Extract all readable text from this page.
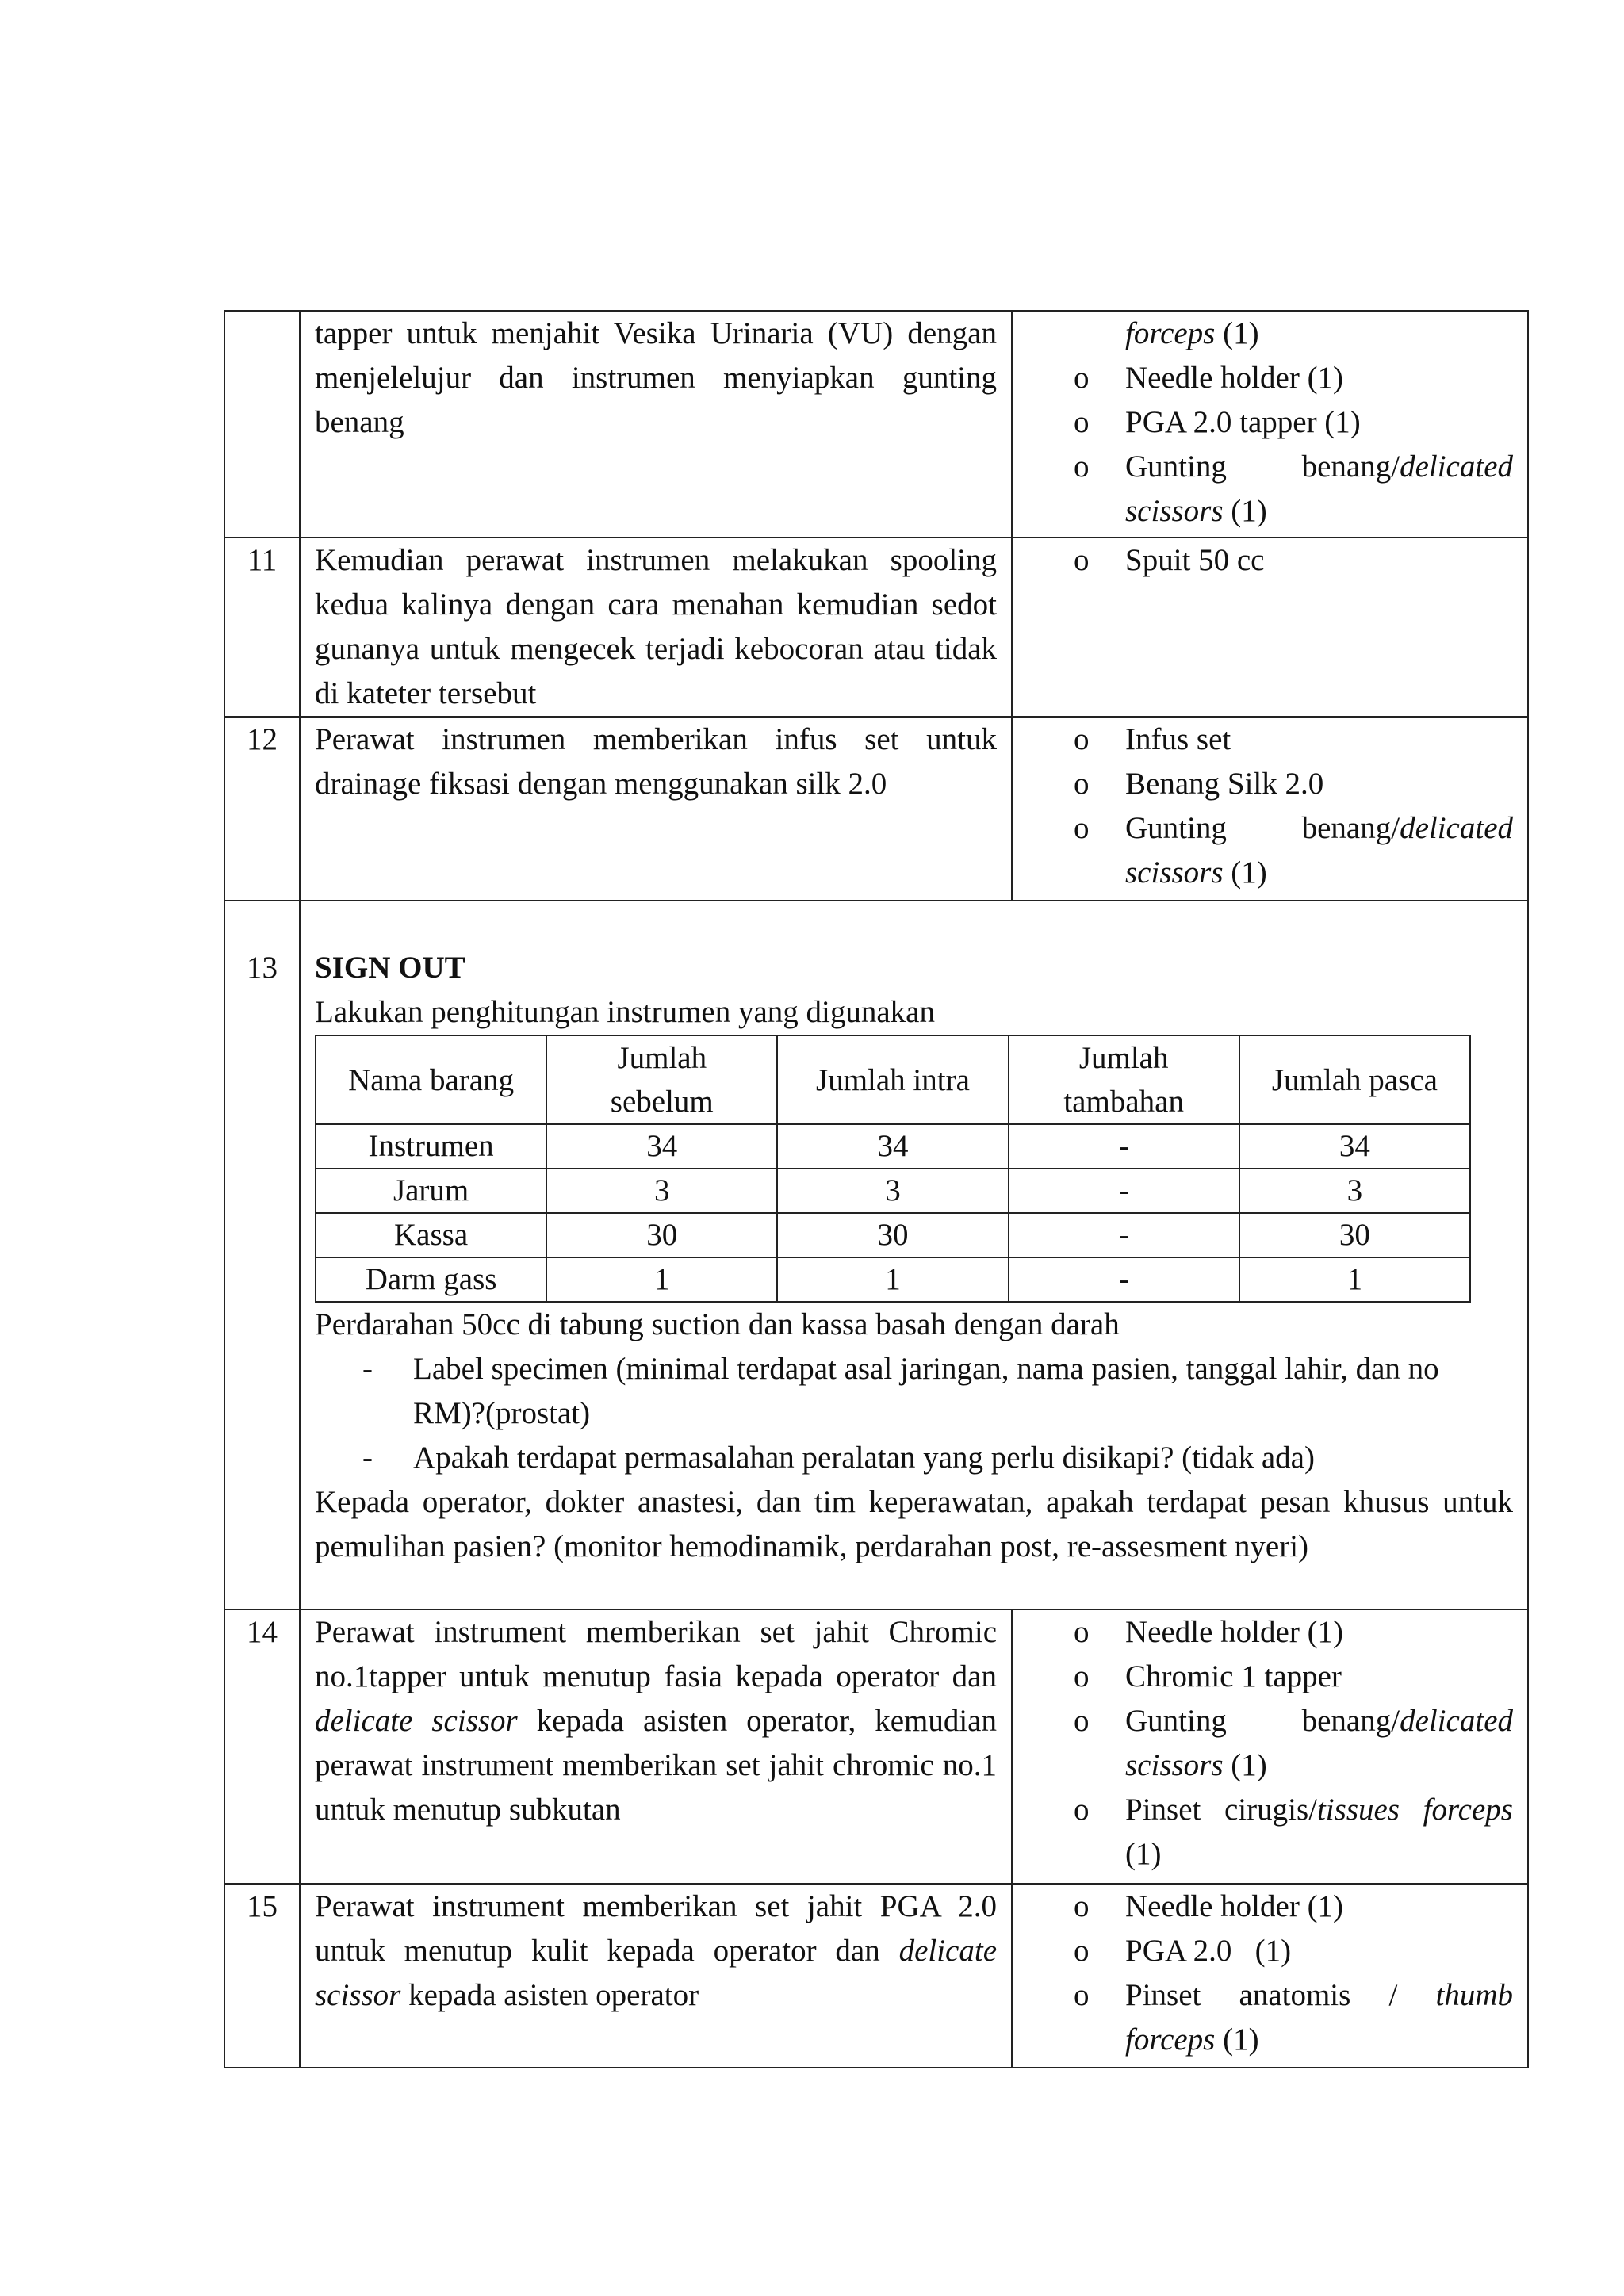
	tapper untuk menjahit Vesika Urinaria (VU) dengan menjelelujur dan instrumen menyiapkan gunting benang	
forceps (1)
o Needle holder (1)
o PGA 2.0 tapper (1)
o Gunting benang/delicated scissors (1)

11	Kemudian perawat instrumen melakukan spooling kedua kalinya dengan cara menahan kemudian sedot gunanya untuk mengecek terjadi kebocoran atau tidak di kateter tersebut	
o Spuit 50 cc

12	Perawat instrumen memberikan infus set untuk drainage fiksasi dengan menggunakan silk 2.0	
o Infus set
o Benang Silk 2.0
o Gunting benang/delicated scissors (1)

13	SIGN OUT
Lakukan penghitungan instrumen yang digunakan
Nama barang	Jumlah sebelum	Jumlah intra	Jumlah tambahan	Jumlah pasca
Instrumen	34	34	-	34
Jarum	3	3	-	3
Kassa	30	30	-	30
Darm gass	1	1	-	1
Perdarahan 50cc di tabung suction dan kassa basah dengan darah
- Label specimen (minimal terdapat asal jaringan, nama pasien, tanggal lahir, dan no RM)?(prostat)
- Apakah terdapat permasalahan peralatan yang perlu disikapi? (tidak ada)
Kepada operator, dokter anastesi, dan tim keperawatan, apakah terdapat pesan khusus untuk pemulihan pasien? (monitor hemodinamik, perdarahan post, re-assesment nyeri)

14	Perawat instrument memberikan set jahit Chromic no.1tapper untuk menutup fasia kepada operator dan delicate scissor kepada asisten operator, kemudian perawat instrument memberikan set jahit chromic no.1 untuk menutup subkutan	
o Needle holder (1)
o Chromic 1 tapper
o Gunting benang/delicated scissors (1)
o Pinset cirugis/tissues forceps (1)

15	Perawat instrument memberikan set jahit PGA 2.0 untuk menutup kulit kepada operator dan delicate scissor kepada asisten operator	
o Needle holder (1)
o PGA 2.0   (1)
o Pinset anatomis / thumb forceps (1)
